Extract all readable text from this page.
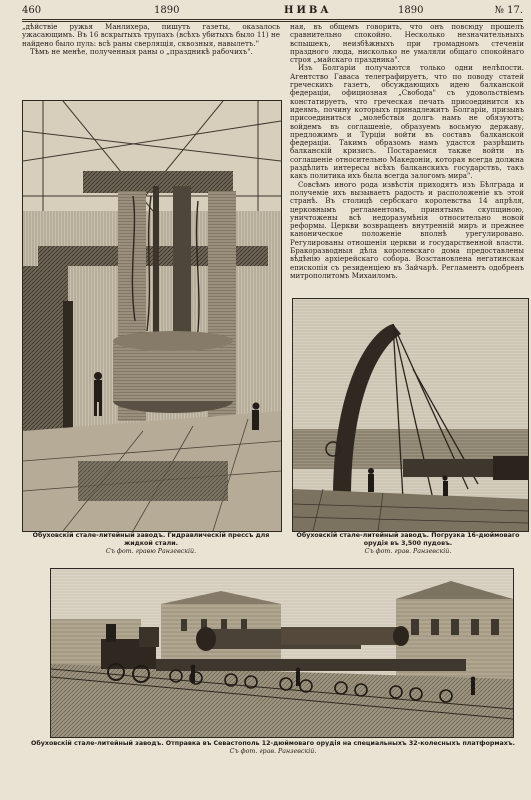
460	1890	НИВА	1890	№ 17.

„дѣйствіе ружья Манлихера, пишутъ газеты, оказалось ужасающимъ. Въ 16 вскрытыхъ трупахъ (всѣхъ убитыхъ было 11) не найдено было пуль: всѣ раны сверлящія, сквозныя, навылетъ."

Тѣмъ не менѣе, полученныя раны о „праздникѣ рабочихъ".

ная, въ общемъ говорить, что онъ повсюду прошелъ сравнительно спокойно. Несколько незначительныхъ вспышекъ, неизбѣжныхъ при громадномъ стеченіи праздного люда, нисколько не умаляли общаго спокойнаго строя „майскаго праздника".

Изъ Болгаріи получаются только одни нелѣпости. Агентство Гаваса телеграфируетъ, что по поводу статей греческихъ газетъ, обсуждающихъ идею балканской федераціи, официозная „Свобода" съ удовольствіемъ констатируетъ, что греческая печать присоединится къ идеямъ, почину которыхъ принадлежитъ Болгаріи, призывъ присоединиться „молебствія долгъ намъ не обязуютъ; войдемъ въ соглашеніе, образуемъ восьмую державу, предложимъ и Турціи войти въ составъ балканской федераціи. Такимъ образомъ намъ удастся разрѣшить балканскій кризисъ. Постараемся также войти въ соглашеніе относительно Македоніи, которая всегда должна раздѣлить интересы всѣхъ балканскихъ государствъ, такъ какъ политика ихъ была всегда залогомъ мира".

Совсѣмъ иного рода извѣстія приходятъ изъ Бѣлграда и получеміе ихъ вызываетъ радость и расположеніе къ этой странѣ. Въ столицѣ сербскаго королевства 14 апрѣля, церковнымъ регламентомъ, принятымъ скупщиною, уничтожены всѣ недоразумѣнія относительно новой реформы. Церкви возвращенъ внутренній миръ и прежнее каноническое положеніе вполнѣ урегулировано. Регулированы отношенія церкви и государственной власти. Бракоразводныя дѣла королевскаго дома предоставлены вѣдѣнію архіерейскаго собора. Возстановлена негатинская епископія съ резиденціею въ Зайчарѣ. Регламентъ одобренъ митрополитомъ Михаиломъ.

Обуховскій стале-литейный заводъ. Гидравлическій прессъ для жидкой стали.
Съ фот. гравю Ранзевскій.
Обуховскій стале-литейный заводъ. Погрузка 16-дюймоваго орудія въ 3,500 пудовъ.
Съ фот. грав. Ранзевскій.
Обуховскій стале-литейный заводъ. Отправка въ Севастополь 12-дюймоваго орудія на специальныхъ 32-колесныхъ платформахъ.
Съ фот. грав. Ранзевскій.
